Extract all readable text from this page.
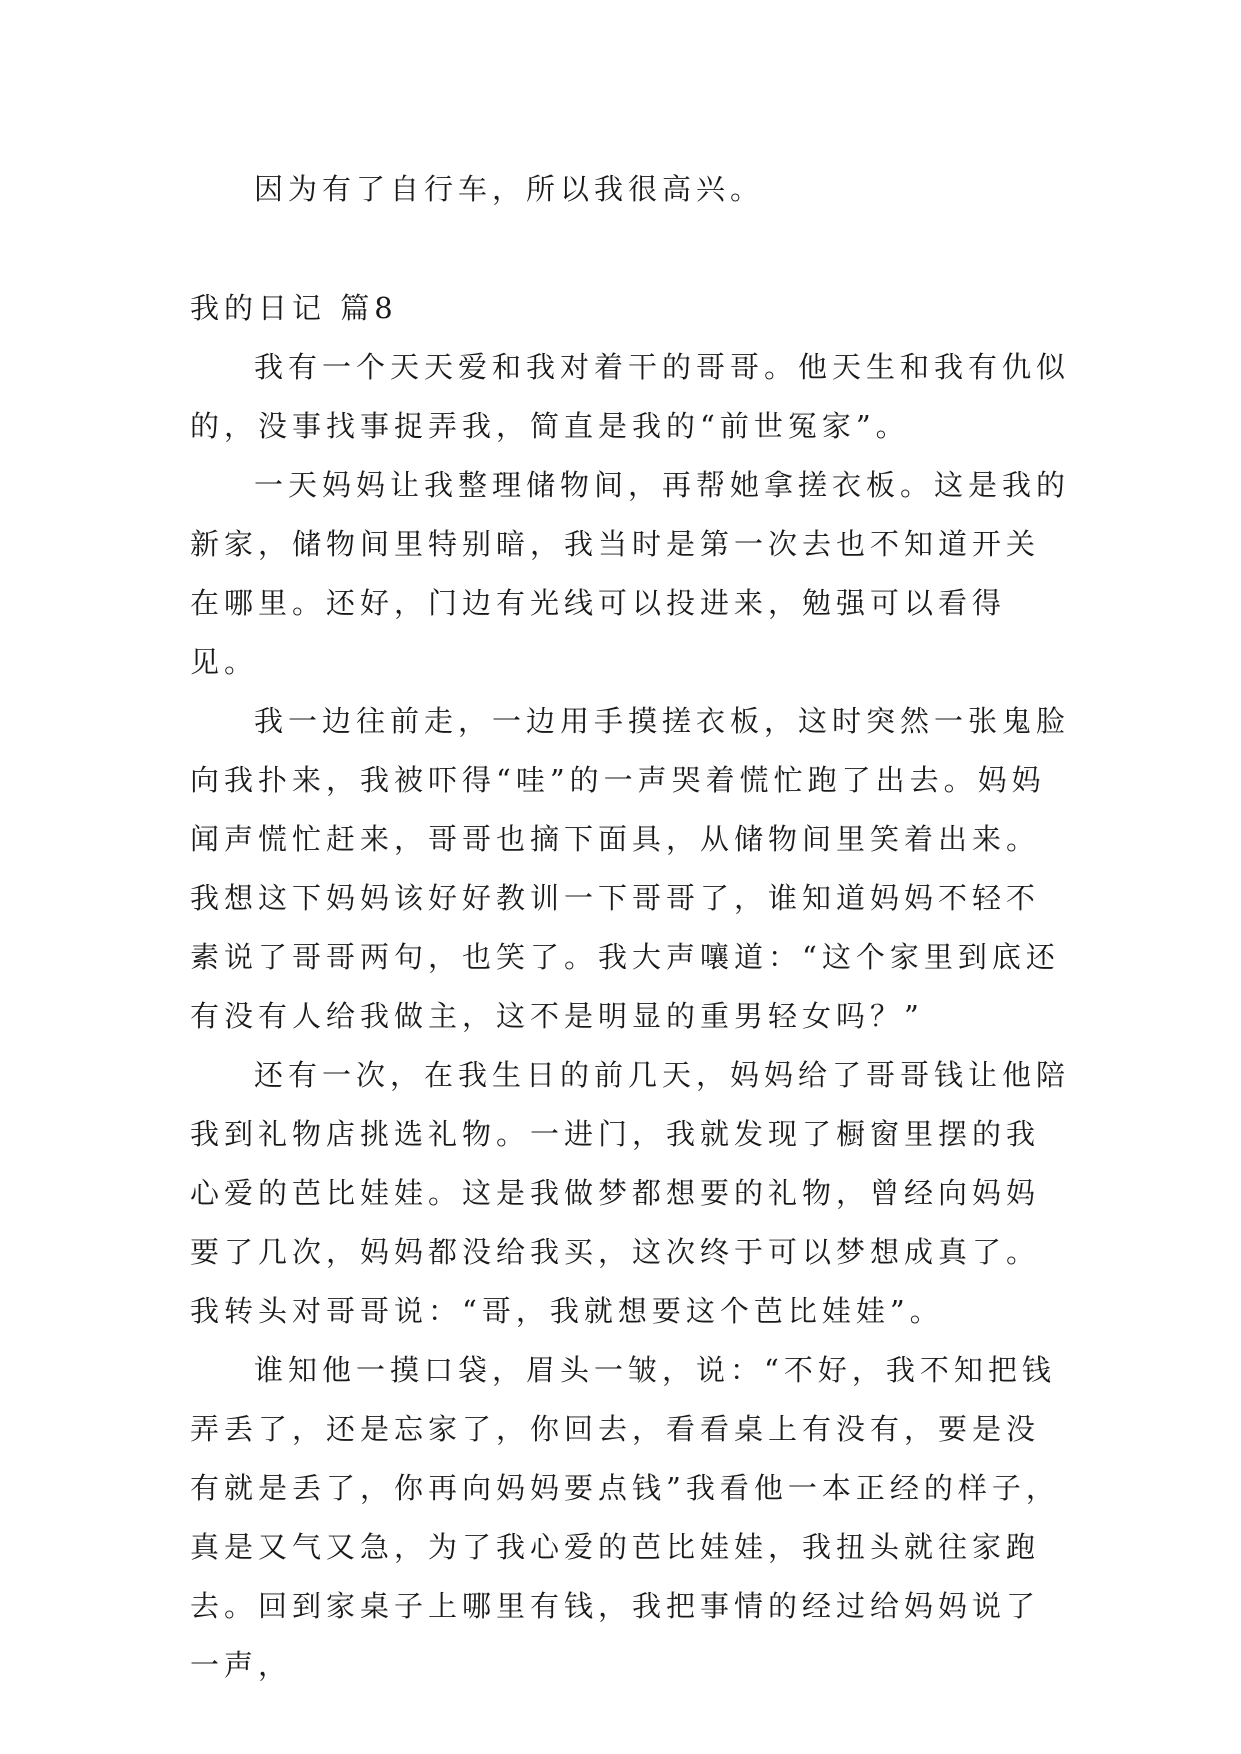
因为有了自行车，所以我很高兴。

我的日记 篇8

我有一个天天爱和我对着干的哥哥。他天生和我有仇似的，没事找事捉弄我，简直是我的“前世冤家”。

一天妈妈让我整理储物间，再帮她拿搓衣板。这是我的新家，储物间里特别暗，我当时是第一次去也不知道开关在哪里。还好，门边有光线可以投进来，勉强可以看得见。

我一边往前走，一边用手摸搓衣板，这时突然一张鬼脸向我扑来，我被吓得“哇”的一声哭着慌忙跑了出去。妈妈闻声慌忙赶来，哥哥也摘下面具，从储物间里笑着出来。我想这下妈妈该好好教训一下哥哥了，谁知道妈妈不轻不素说了哥哥两句，也笑了。我大声嚷道：“这个家里到底还有没有人给我做主，这不是明显的重男轻女吗？”

还有一次，在我生日的前几天，妈妈给了哥哥钱让他陪我到礼物店挑选礼物。一进门，我就发现了橱窗里摆的我心爱的芭比娃娃。这是我做梦都想要的礼物，曾经向妈妈要了几次，妈妈都没给我买，这次终于可以梦想成真了。我转头对哥哥说：“哥，我就想要这个芭比娃娃”。

谁知他一摸口袋，眉头一皱，说：“不好，我不知把钱弄丢了，还是忘家了，你回去，看看桌上有没有，要是没有就是丢了，你再向妈妈要点钱”我看他一本正经的样子，真是又气又急，为了我心爱的芭比娃娃，我扭头就往家跑去。回到家桌子上哪里有钱，我把事情的经过给妈妈说了一声，
